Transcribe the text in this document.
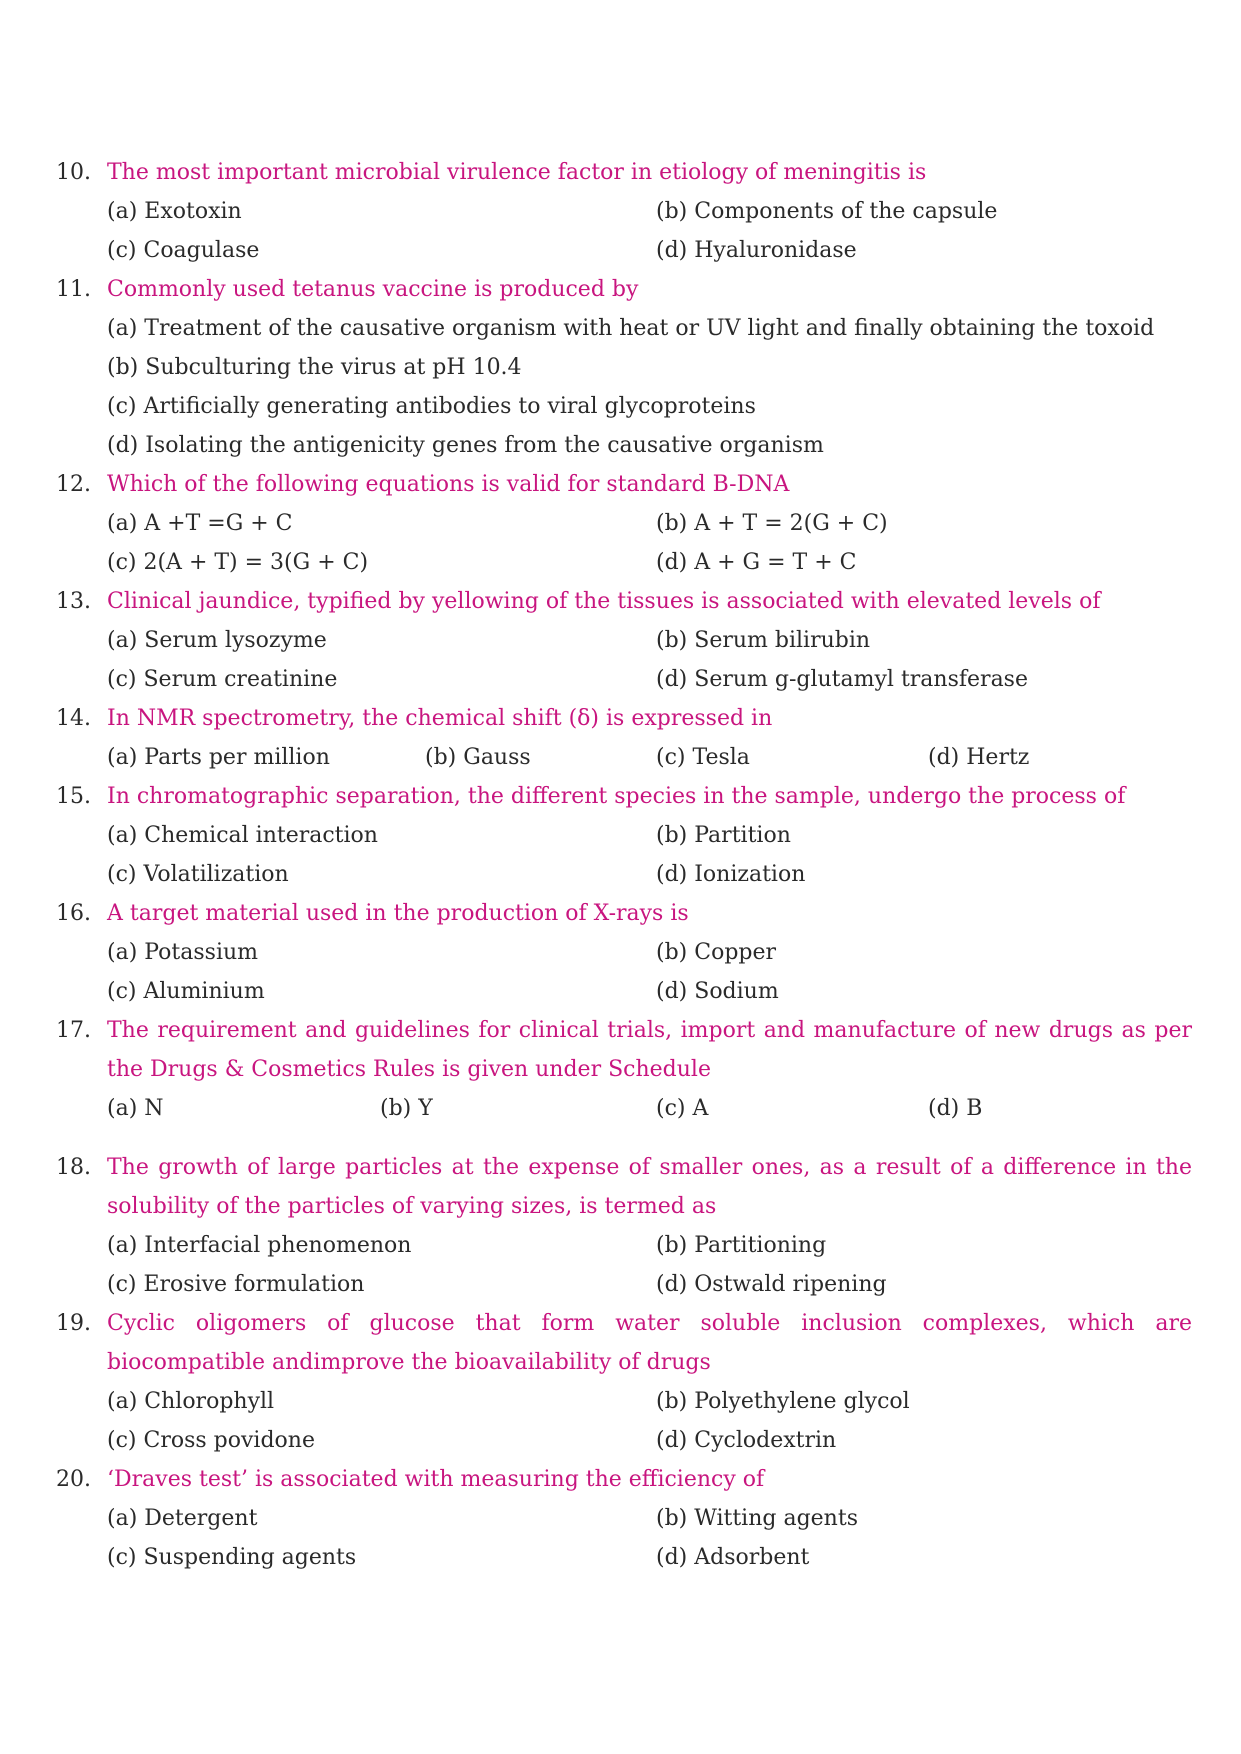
10. The most important microbial virulence factor in etiology of meningitis is
(a) Exotoxin	(b) Components of the capsule
(c) Coagulase	(d) Hyaluronidase
11. Commonly used tetanus vaccine is produced by
(a) Treatment of the causative organism with heat or UV light and finally obtaining the toxoid
(b) Subculturing the virus at pH 10.4
(c) Artificially generating antibodies to viral glycoproteins
(d) Isolating the antigenicity genes from the causative organism
12. Which of the following equations is valid for standard B-DNA
(a) A +T =G + C	(b) A + T = 2(G + C)
(c) 2(A + T) = 3(G + C)	(d) A + G = T + C
13. Clinical jaundice, typified by yellowing of the tissues is associated with elevated levels of
(a) Serum lysozyme	(b) Serum bilirubin
(c) Serum creatinine	(d) Serum g-glutamyl transferase
14. In NMR spectrometry, the chemical shift (δ) is expressed in
(a) Parts per million	(b) Gauss	(c) Tesla	(d) Hertz
15. In chromatographic separation, the different species in the sample, undergo the process of
(a) Chemical interaction	(b) Partition
(c) Volatilization	(d) Ionization
16. A target material used in the production of X-rays is
(a) Potassium	(b) Copper
(c) Aluminium	(d) Sodium
17. The requirement and guidelines for clinical trials, import and manufacture of new drugs as per the Drugs & Cosmetics Rules is given under Schedule
(a) N	(b) Y	(c) A	(d) B
18. The growth of large particles at the expense of smaller ones, as a result of a difference in the solubility of the particles of varying sizes, is termed as
(a) Interfacial phenomenon	(b) Partitioning
(c) Erosive formulation	(d) Ostwald ripening
19. Cyclic oligomers of glucose that form water soluble inclusion complexes, which are biocompatible andimprove the bioavailability of drugs
(a) Chlorophyll	(b) Polyethylene glycol
(c) Cross povidone	(d) Cyclodextrin
20. ‘Draves test’ is associated with measuring the efficiency of
(a) Detergent	(b) Witting agents
(c) Suspending agents	(d) Adsorbent
